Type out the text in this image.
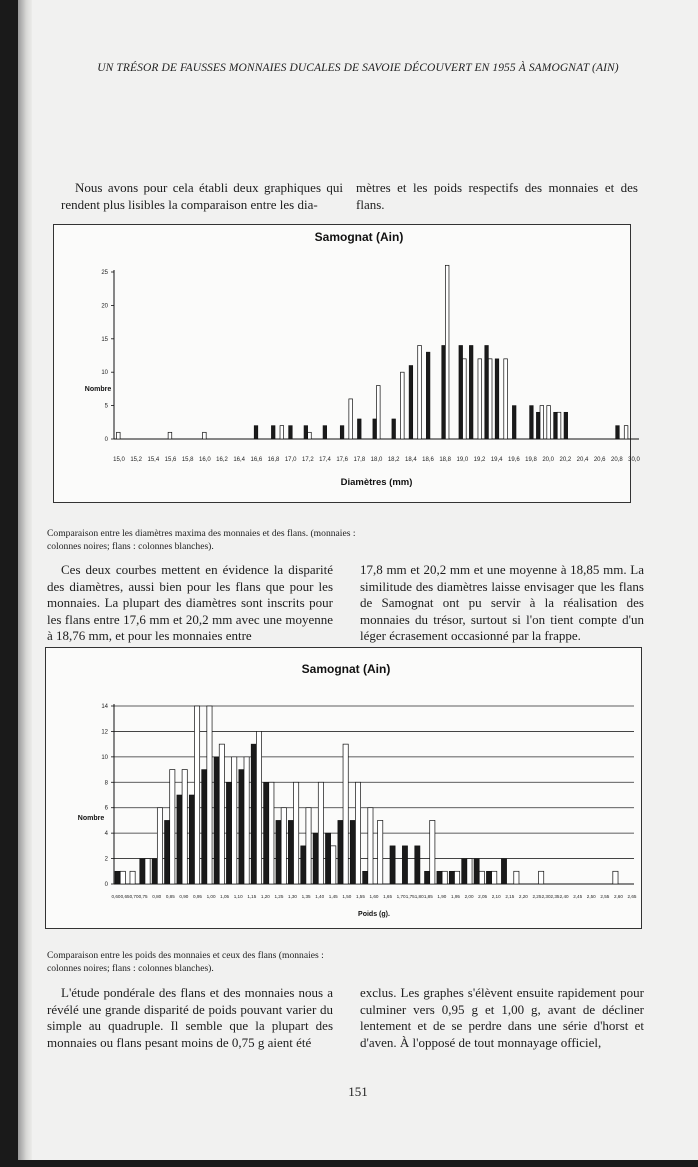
UN TRÉSOR DE FAUSSES MONNAIES DUCALES DE SAVOIE DÉCOUVERT EN 1955 À SAMOGNAT (AIN)
Nous avons pour cela établi deux graphiques qui rendent plus lisibles la comparaison entre les dia-
mètres et les poids respectifs des monnaies et des flans.
Samognat (Ain)
0
5
10
15
20
25
Nombre
15,0 15,2 15,4 15,6 15,8 16,0 16,2 16,4 16,6 16,8 17,0 17,2 17,4 17,6 17,8 18,0 18,2 18,4 18,6 18,8 19,0 19,2 19,4 19,6 19,8 20,0 20,2 20,4 20,6 20,8 30,0
Diamètres (mm)
Comparaison entre les diamètres maxima des monnaies et des flans. (monnaies : colonnes noires; flans : colonnes blanches).
Ces deux courbes mettent en évidence la disparité des diamètres, aussi bien pour les flans que pour les monnaies. La plupart des diamètres sont inscrits pour les flans entre 17,6 mm et 20,2 mm avec une moyenne à 18,76 mm, et pour les monnaies entre
17,8 mm et 20,2 mm et une moyenne à 18,85 mm. La similitude des diamètres laisse envisager que les flans de Samognat ont pu servir à la réalisation des monnaies du trésor, surtout si l'on tient compte d'un léger écrasement occasionné par la frappe.
Samognat (Ain)
0
2
4
6
8
10
12
14
Nombre
0,60 0,650,70 0,75 0,80 0,85 0,90 0,95 1,00 1,05 1,10 1,15 1,20 1,25 1,30 1,35 1,40 1,45 1,50 1,55 1,60 1,65 1,70 1,751,80 1,85 1,90 1,95 2,00 2,05 2,10 2,15 2,20 2,25 2,302,35 2,40 2,45 2,50 2,55 2,60 2,65
Poids (g).
Comparaison entre les poids des monnaies et ceux des flans (monnaies : colonnes noires; flans : colonnes blanches).
L'étude pondérale des flans et des monnaies nous a révélé une grande disparité de poids pouvant varier du simple au quadruple. Il semble que la plupart des monnaies ou flans pesant moins de 0,75 g aient été
exclus. Les graphes s'élèvent ensuite rapidement pour culminer vers 0,95 g et 1,00 g, avant de décliner lentement et de se perdre dans une série d'horst et d'aven. À l'opposé de tout monnayage officiel,
151
